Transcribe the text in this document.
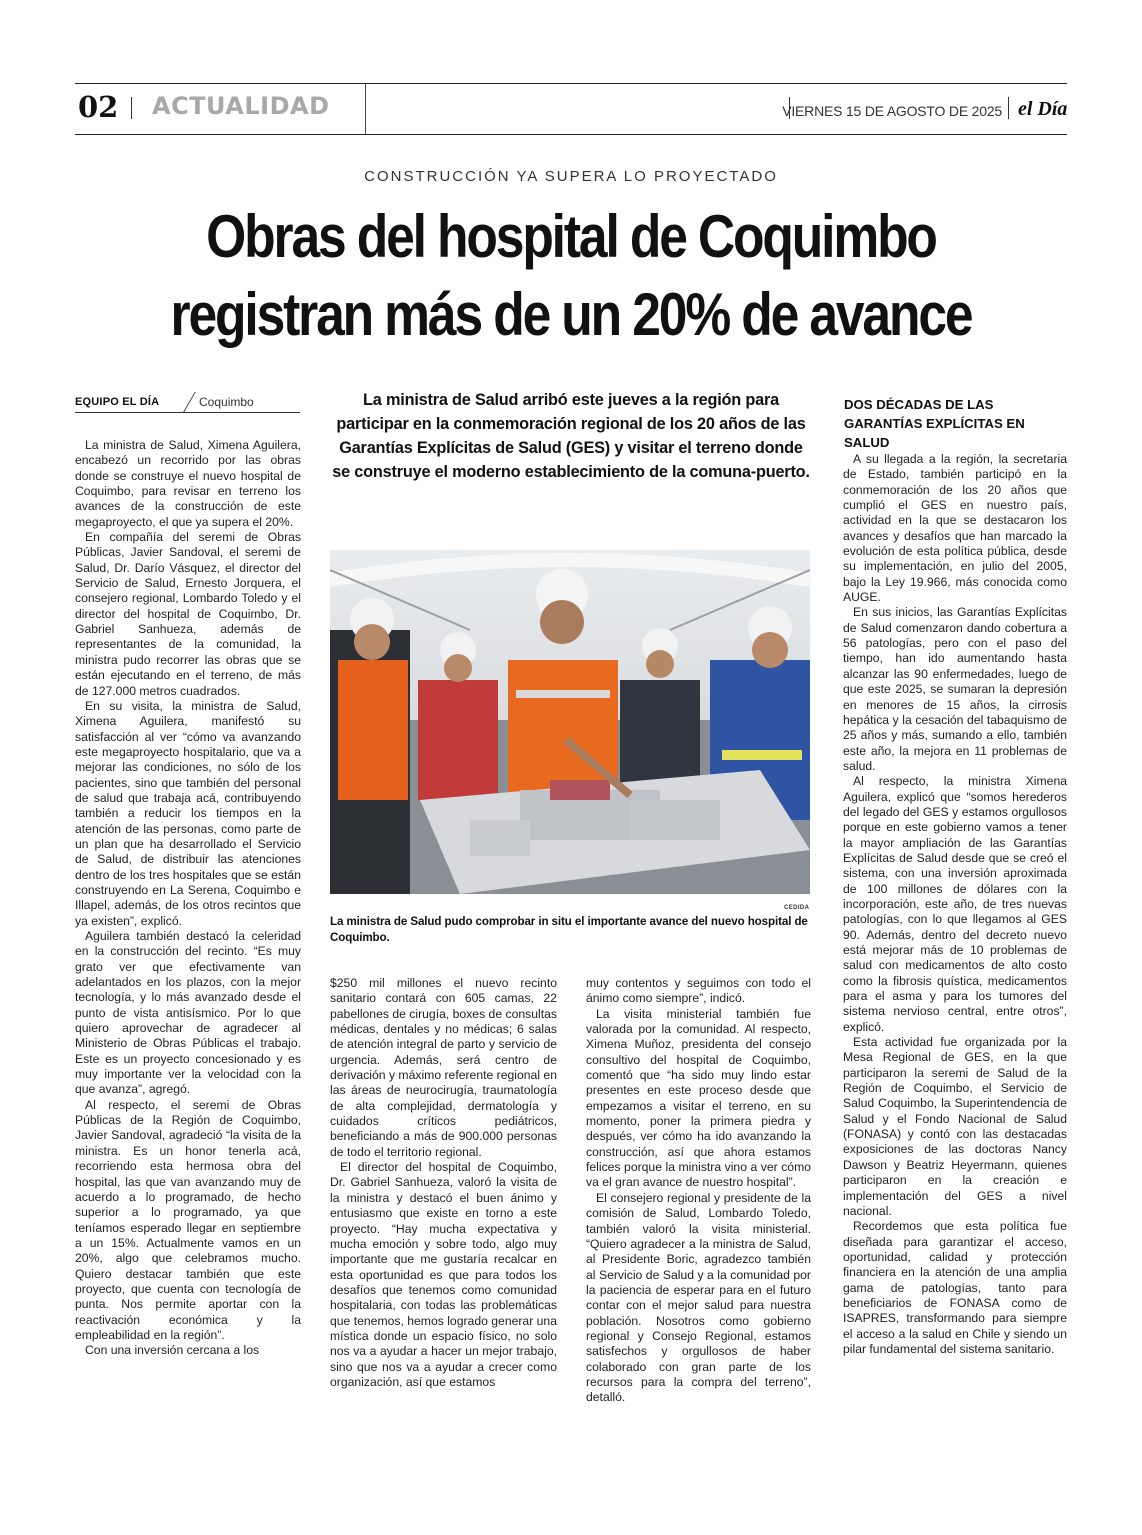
02 ACTUALIDAD	VIERNES 15 DE AGOSTO DE 2025 el Día
CONSTRUCCIÓN YA SUPERA LO PROYECTADO
Obras del hospital de Coquimbo registran más de un 20% de avance
EQUIPO EL DÍA	Coquimbo

La ministra de Salud, Ximena Aguilera, encabezó un recorrido por las obras donde se construye el nuevo hospital de Coquimbo, para revisar en terreno los avances de la construcción de este megaproyecto, el que ya supera el 20%.

En compañía del seremi de Obras Públicas, Javier Sandoval, el seremi de Salud, Dr. Darío Vásquez, el director del Servicio de Salud, Ernesto Jorquera, el consejero regional, Lombardo Toledo y el director del hospital de Coquimbo, Dr. Gabriel Sanhueza, además de representantes de la comunidad, la ministra pudo recorrer las obras que se están ejecutando en el terreno, de más de 127.000 metros cuadrados.

En su visita, la ministra de Salud, Ximena Aguilera, manifestó su satisfacción al ver “cómo va avanzando este megaproyecto hospitalario, que va a mejorar las condiciones, no sólo de los pacientes, sino que también del personal de salud que trabaja acá, contribuyendo también a reducir los tiempos en la atención de las personas, como parte de un plan que ha desarrollado el Servicio de Salud, de distribuir las atenciones dentro de los tres hospitales que se están construyendo en La Serena, Coquimbo e Illapel, además, de los otros recintos que ya existen”, explicó.

Aguilera también destacó la celeridad en la construcción del recinto. “Es muy grato ver que efectivamente van adelantados en los plazos, con la mejor tecnología, y lo más avanzado desde el punto de vista antisísmico. Por lo que quiero aprovechar de agradecer al Ministerio de Obras Públicas el trabajo. Este es un proyecto concesionado y es muy importante ver la velocidad con la que avanza”, agregó.

Al respecto, el seremi de Obras Públicas de la Región de Coquimbo, Javier Sandoval, agradeció “la visita de la ministra. Es un honor tenerla acá, recorriendo esta hermosa obra del hospital, las que van avanzando muy de acuerdo a lo programado, de hecho superior a lo programado, ya que teníamos esperado llegar en septiembre a un 15%. Actualmente vamos en un 20%, algo que celebramos mucho. Quiero destacar también que este proyecto, que cuenta con tecnología de punta. Nos permite aportar con la reactivación económica y la empleabilidad en la región”.

Con una inversión cercana a los

La ministra de Salud arribó este jueves a la región para participar en la conmemoración regional de los 20 años de las Garantías Explícitas de Salud (GES) y visitar el terreno donde se construye el moderno establecimiento de la comuna-puerto.
CEDIDA
La ministra de Salud pudo comprobar in situ el importante avance del nuevo hospital de Coquimbo.

$250 mil millones el nuevo recinto sanitario contará con 605 camas, 22 pabellones de cirugía, boxes de consultas médicas, dentales y no médicas; 6 salas de atención integral de parto y servicio de urgencia. Además, será centro de derivación y máximo referente regional en las áreas de neurocirugía, traumatología de alta complejidad, dermatología y cuidados críticos pediátricos, beneficiando a más de 900.000 personas de todo el territorio regional.

El director del hospital de Coquimbo, Dr. Gabriel Sanhueza, valoró la visita de la ministra y destacó el buen ánimo y entusiasmo que existe en torno a este proyecto. “Hay mucha expectativa y mucha emoción y sobre todo, algo muy importante que me gustaría recalcar en esta oportunidad es que para todos los desafíos que tenemos como comunidad hospitalaria, con todas las problemáticas que tenemos, hemos logrado generar una mística donde un espacio físico, no solo nos va a ayudar a hacer un mejor trabajo, sino que nos va a ayudar a crecer como organización, así que estamos

muy contentos y seguimos con todo el ánimo como siempre”, indicó.

La visita ministerial también fue valorada por la comunidad. Al respecto, Ximena Muñoz, presidenta del consejo consultivo del hospital de Coquimbo, comentó que “ha sido muy lindo estar presentes en este proceso desde que empezamos a visitar el terreno, en su momento, poner la primera piedra y después, ver cómo ha ido avanzando la construcción, así que ahora estamos felices porque la ministra vino a ver cómo va el gran avance de nuestro hospital”.

El consejero regional y presidente de la comisión de Salud, Lombardo Toledo, también valoró la visita ministerial. “Quiero agradecer a la ministra de Salud, al Presidente Boric, agradezco también al Servicio de Salud y a la comunidad por la paciencia de esperar para en el futuro contar con el mejor salud para nuestra población. Nosotros como gobierno regional y Consejo Regional, estamos satisfechos y orgullosos de haber colaborado con gran parte de los recursos para la compra del terreno”, detalló.

DOS DÉCADAS DE LAS GARANTÍAS EXPLÍCITAS EN SALUD

A su llegada a la región, la secretaria de Estado, también participó en la conmemoración de los 20 años que cumplió el GES en nuestro país, actividad en la que se destacaron los avances y desafíos que han marcado la evolución de esta política pública, desde su implementación, en julio del 2005, bajo la Ley 19.966, más conocida como AUGE.

En sus inicios, las Garantías Explícitas de Salud comenzaron dando cobertura a 56 patologías, pero con el paso del tiempo, han ido aumentando hasta alcanzar las 90 enfermedades, luego de que este 2025, se sumaran la depresión en menores de 15 años, la cirrosis hepática y la cesación del tabaquismo de 25 años y más, sumando a ello, también este año, la mejora en 11 problemas de salud.

Al respecto, la ministra Ximena Aguilera, explicó que “somos herederos del legado del GES y estamos orgullosos porque en este gobierno vamos a tener la mayor ampliación de las Garantías Explícitas de Salud desde que se creó el sistema, con una inversión aproximada de 100 millones de dólares con la incorporación, este año, de tres nuevas patologías, con lo que llegamos al GES 90. Además, dentro del decreto nuevo está mejorar más de 10 problemas de salud con medicamentos de alto costo como la fibrosis quística, medicamentos para el asma y para los tumores del sistema nervioso central, entre otros”, explicó.

Esta actividad fue organizada por la Mesa Regional de GES, en la que participaron la seremi de Salud de la Región de Coquimbo, el Servicio de Salud Coquimbo, la Superintendencia de Salud y el Fondo Nacional de Salud (FONASA) y contó con las destacadas exposiciones de las doctoras Nancy Dawson y Beatriz Heyermann, quienes participaron en la creación e implementación del GES a nivel nacional.

Recordemos que esta política fue diseñada para garantizar el acceso, oportunidad, calidad y protección financiera en la atención de una amplia gama de patologías, tanto para beneficiarios de FONASA como de ISAPRES, transformando para siempre el acceso a la salud en Chile y siendo un pilar fundamental del sistema sanitario.
